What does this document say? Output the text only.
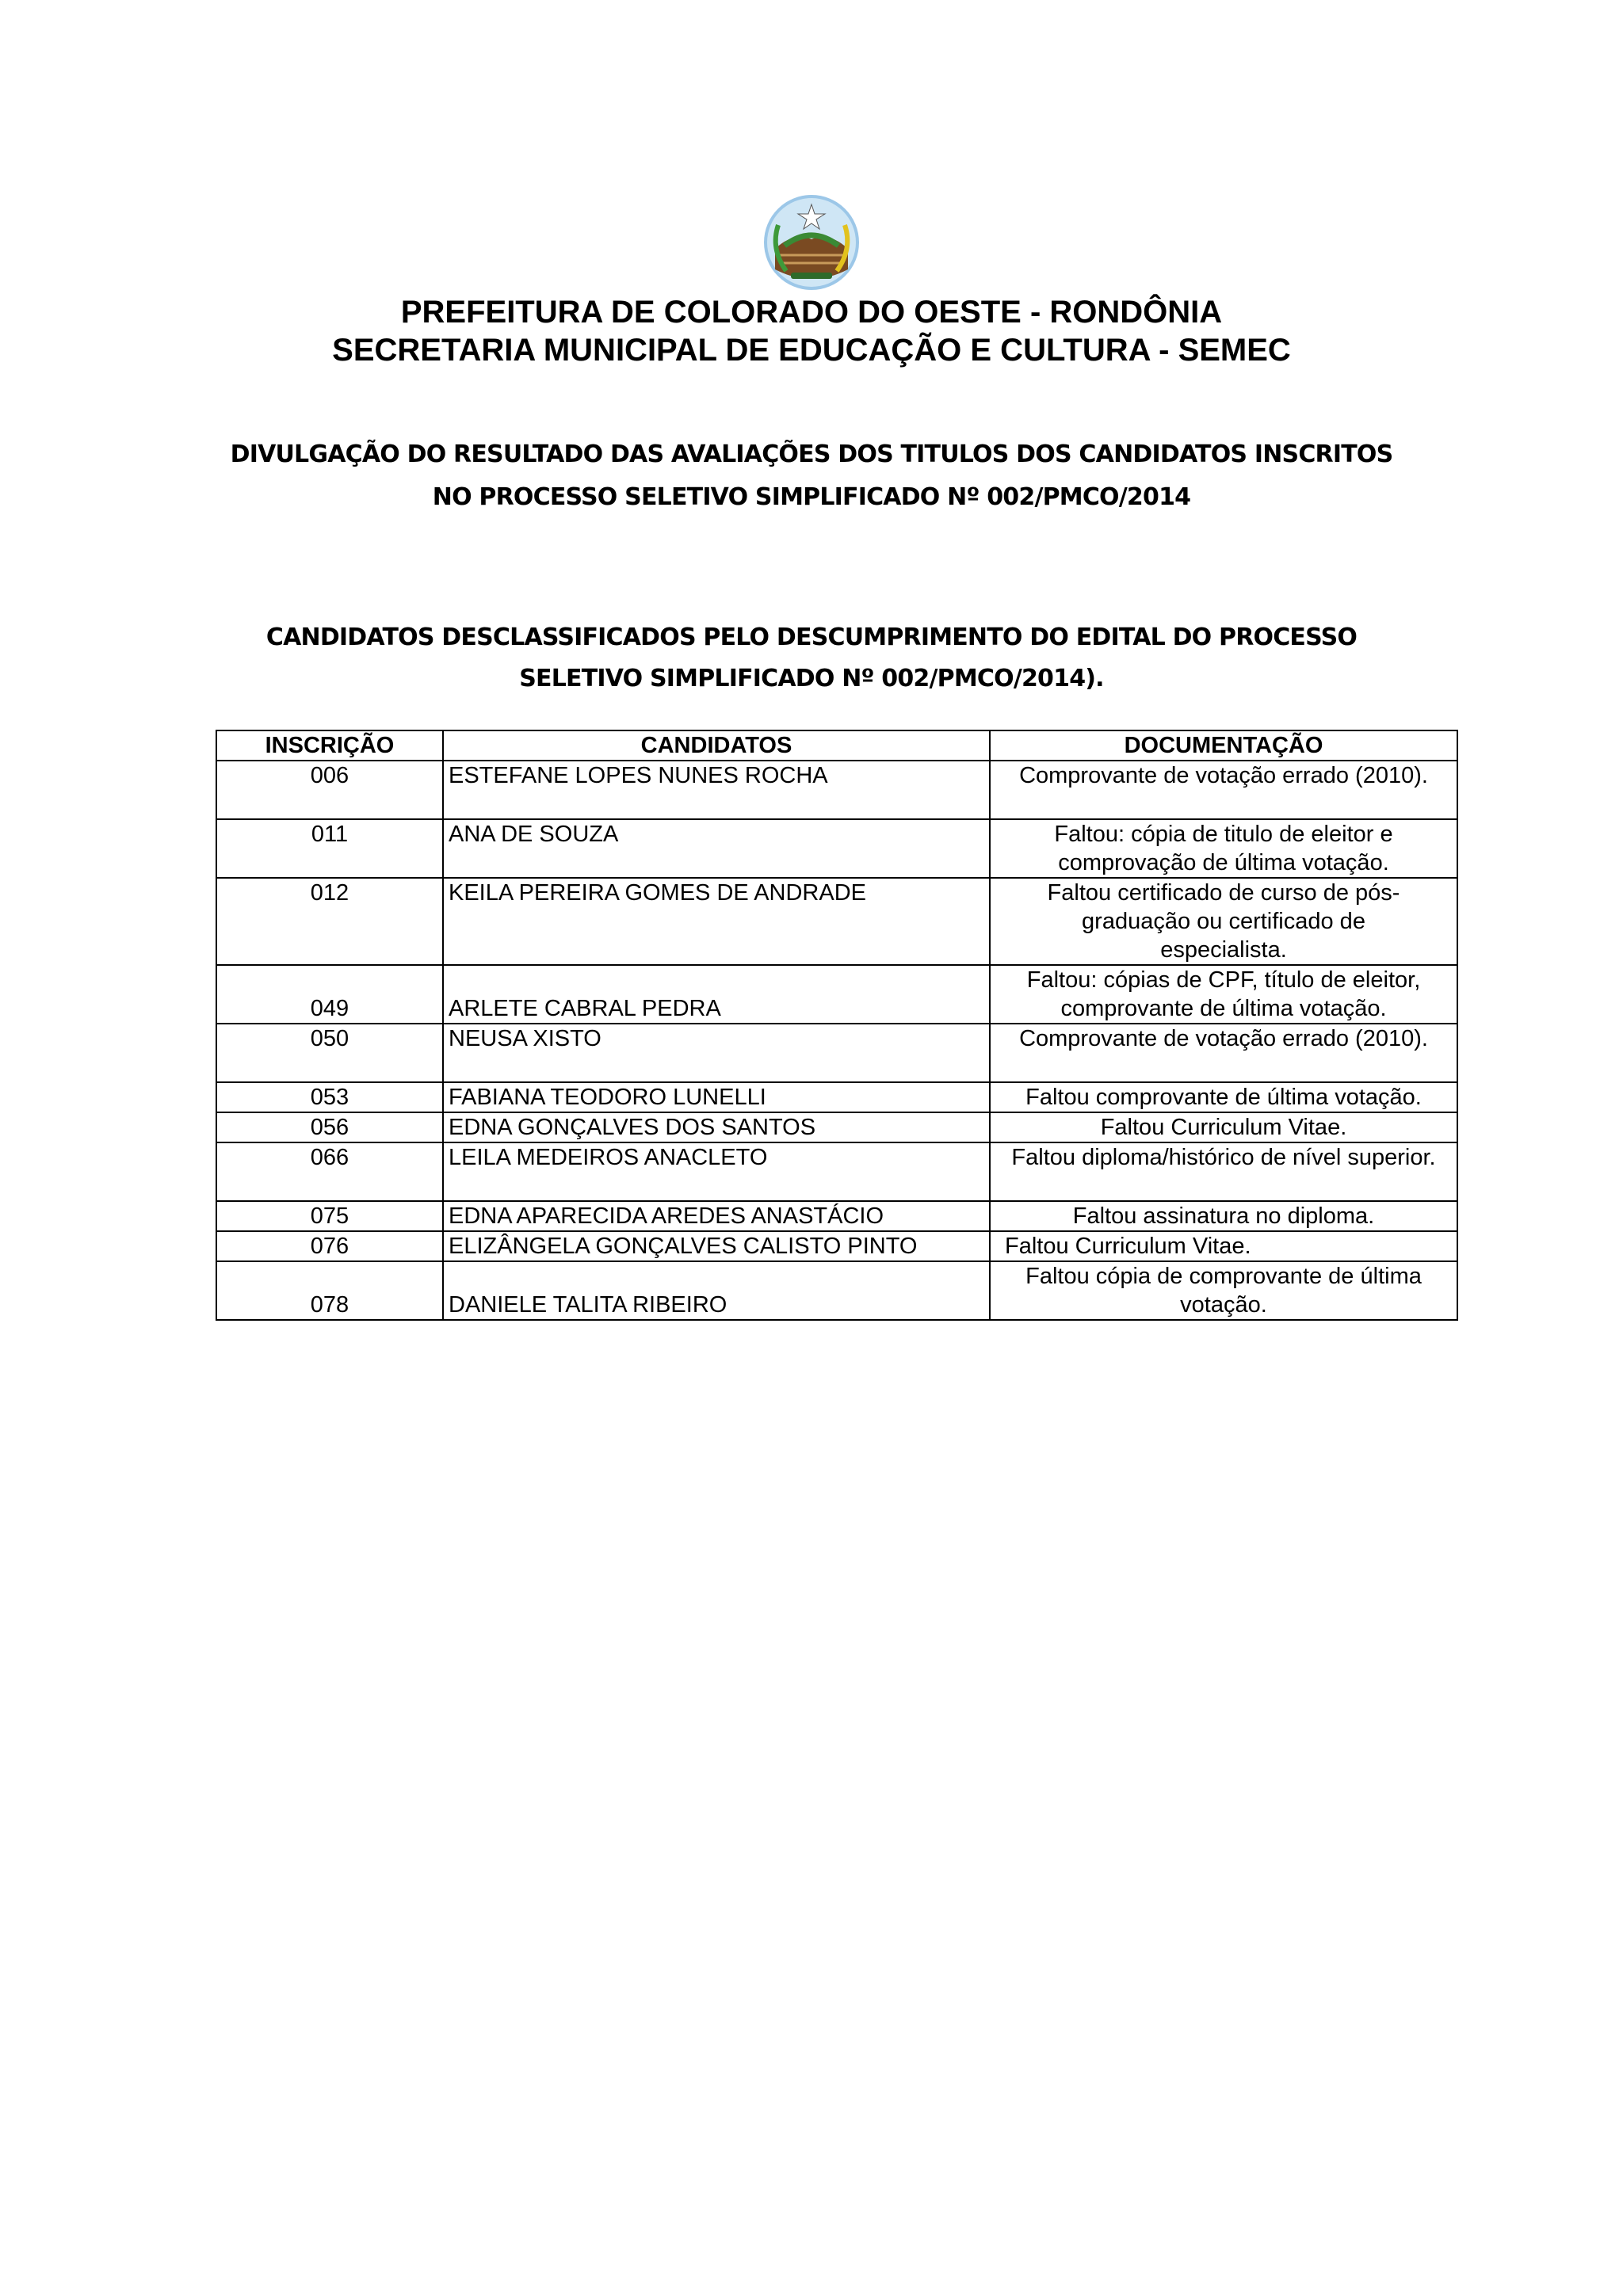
PREFEITURA DE COLORADO DO OESTE - RONDÔNIA
SECRETARIA MUNICIPAL DE EDUCAÇÃO E CULTURA - SEMEC
DIVULGAÇÃO DO RESULTADO DAS AVALIAÇÕES DOS TITULOS DOS CANDIDATOS INSCRITOS
NO PROCESSO SELETIVO SIMPLIFICADO Nº 002/PMCO/2014
CANDIDATOS DESCLASSIFICADOS PELO DESCUMPRIMENTO DO EDITAL DO PROCESSO
SELETIVO SIMPLIFICADO Nº 002/PMCO/2014).
INSCRIÇÃO	CANDIDATOS	DOCUMENTAÇÃO
006	ESTEFANE LOPES NUNES ROCHA	Comprovante de votação errado (2010).
011	ANA DE SOUZA	Faltou: cópia de titulo de eleitor e comprovação de última votação.
012	KEILA PEREIRA GOMES DE ANDRADE	Faltou certificado de curso de pós-graduação ou certificado de especialista.
049	ARLETE CABRAL PEDRA	Faltou: cópias de CPF, título de eleitor, comprovante de última votação.
050	NEUSA XISTO	Comprovante de votação errado (2010).
053	FABIANA TEODORO LUNELLI	Faltou comprovante de última votação.
056	EDNA GONÇALVES DOS SANTOS	Faltou Curriculum Vitae.
066	LEILA MEDEIROS ANACLETO	Faltou diploma/histórico de nível superior.
075	EDNA APARECIDA AREDES ANASTÁCIO	Faltou assinatura no diploma.
076	ELIZÂNGELA GONÇALVES CALISTO PINTO	Faltou Curriculum Vitae.
078	DANIELE TALITA RIBEIRO	Faltou cópia de comprovante de última votação.
